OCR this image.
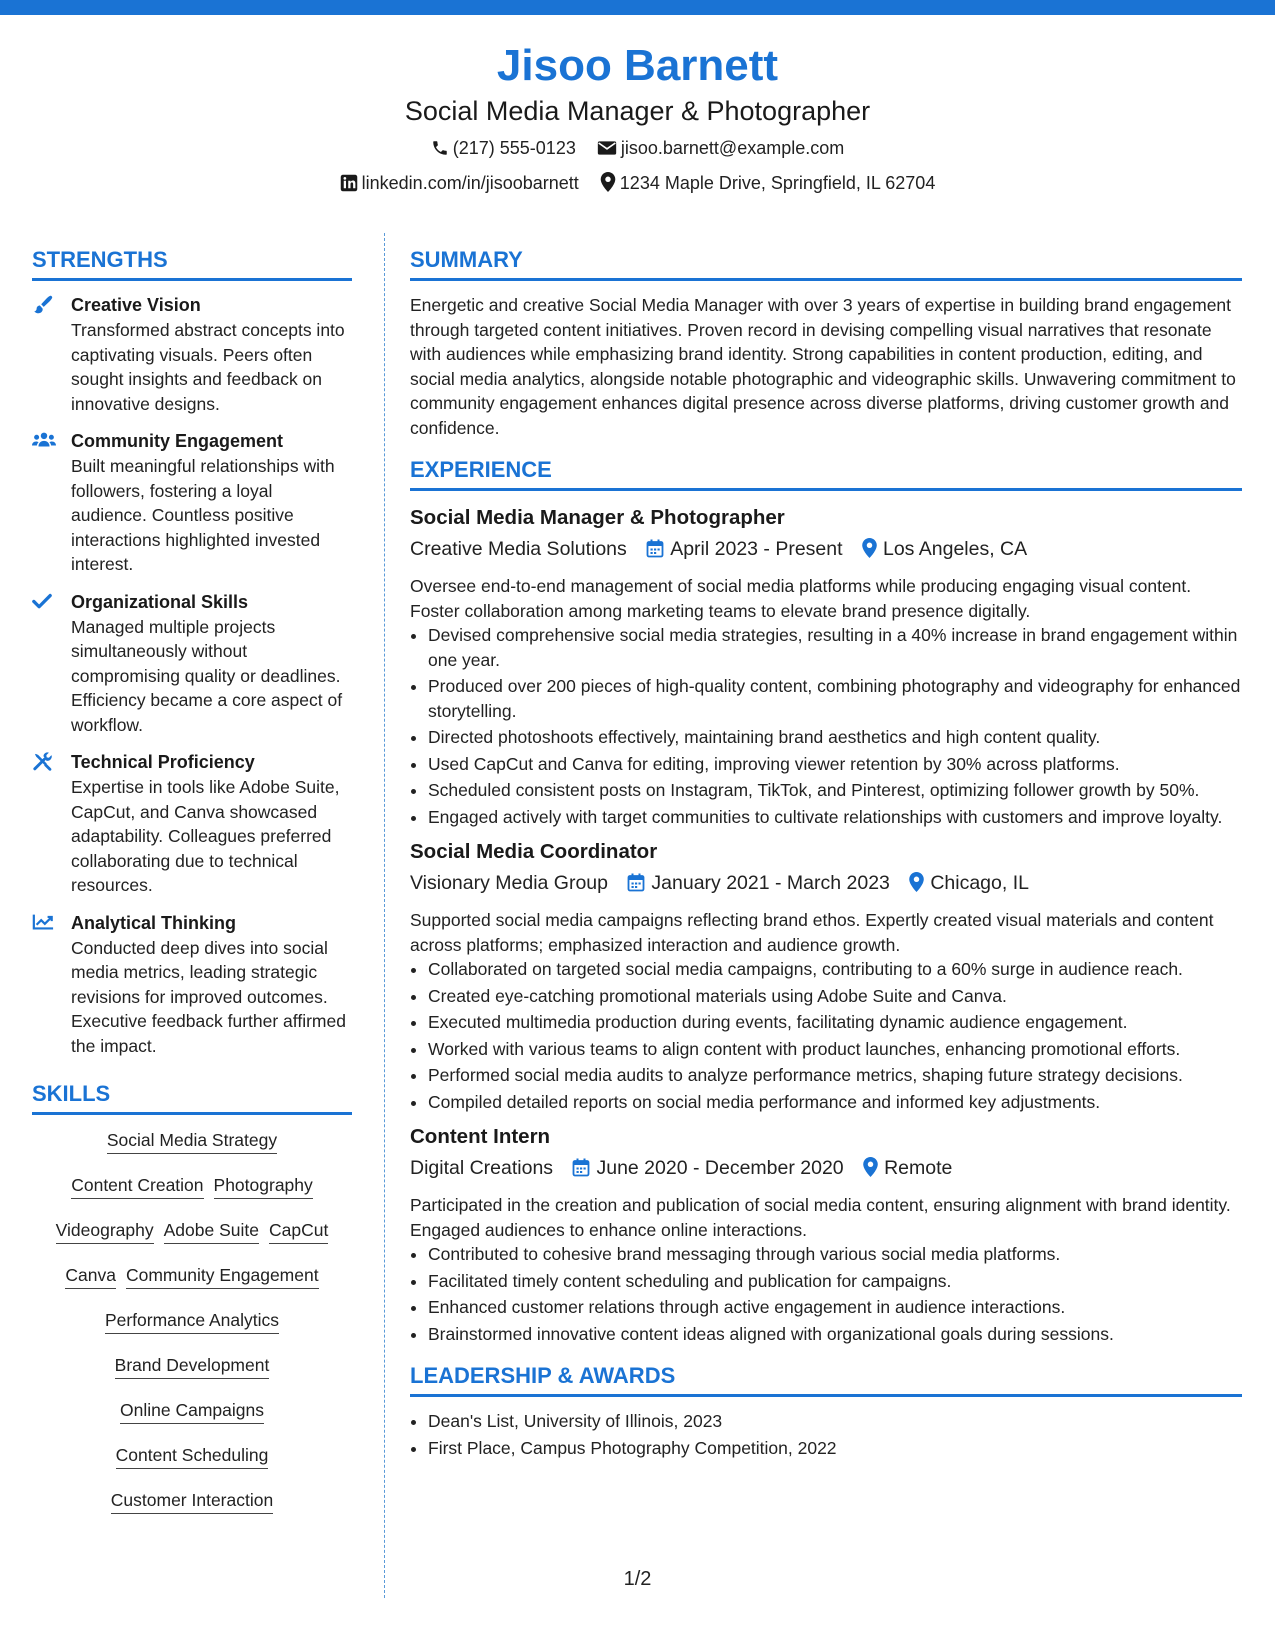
Jisoo Barnett
Social Media Manager & Photographer
(217) 555-0123	jisoo.barnett@example.com
linkedin.com/in/jisoobarnett 1234 Maple Drive, Springfield, IL 62704
STRENGTHS
Creative Vision
Transformed abstract concepts into captivating visuals. Peers often sought insights and feedback on innovative designs.
Community Engagement
Built meaningful relationships with followers, fostering a loyal audience. Countless positive interactions highlighted invested interest.
Organizational Skills
Managed multiple projects simultaneously without compromising quality or deadlines. Efficiency became a core aspect of workflow.
Technical Proficiency
Expertise in tools like Adobe Suite, CapCut, and Canva showcased adaptability. Colleagues preferred collaborating due to technical resources.
Analytical Thinking
Conducted deep dives into social media metrics, leading strategic revisions for improved outcomes. Executive feedback further affirmed the impact.
SKILLS
Social Media Strategy
Content Creation Photography
Videography Adobe Suite CapCut
Canva Community Engagement
Performance Analytics
Brand Development
Online Campaigns
Content Scheduling
Customer Interaction
SUMMARY
Energetic and creative Social Media Manager with over 3 years of expertise in building brand engagement through targeted content initiatives. Proven record in devising compelling visual narratives that resonate with audiences while emphasizing brand identity. Strong capabilities in content production, editing, and social media analytics, alongside notable photographic and videographic skills. Unwavering commitment to community engagement enhances digital presence across diverse platforms, driving customer growth and confidence.
EXPERIENCE
Social Media Manager & Photographer
Creative Media Solutions April 2023 - Present Los Angeles, CA
Oversee end-to-end management of social media platforms while producing engaging visual content. Foster collaboration among marketing teams to elevate brand presence digitally.
• Devised comprehensive social media strategies, resulting in a 40% increase in brand engagement within one year.
• Produced over 200 pieces of high-quality content, combining photography and videography for enhanced storytelling.
• Directed photoshoots effectively, maintaining brand aesthetics and high content quality.
• Used CapCut and Canva for editing, improving viewer retention by 30% across platforms.
• Scheduled consistent posts on Instagram, TikTok, and Pinterest, optimizing follower growth by 50%.
• Engaged actively with target communities to cultivate relationships with customers and improve loyalty.
Social Media Coordinator
Visionary Media Group January 2021 - March 2023 Chicago, IL
Supported social media campaigns reflecting brand ethos. Expertly created visual materials and content across platforms; emphasized interaction and audience growth.
• Collaborated on targeted social media campaigns, contributing to a 60% surge in audience reach.
• Created eye-catching promotional materials using Adobe Suite and Canva.
• Executed multimedia production during events, facilitating dynamic audience engagement.
• Worked with various teams to align content with product launches, enhancing promotional efforts.
• Performed social media audits to analyze performance metrics, shaping future strategy decisions.
• Compiled detailed reports on social media performance and informed key adjustments.
Content Intern
Digital Creations June 2020 - December 2020 Remote
Participated in the creation and publication of social media content, ensuring alignment with brand identity. Engaged audiences to enhance online interactions.
• Contributed to cohesive brand messaging through various social media platforms.
• Facilitated timely content scheduling and publication for campaigns.
• Enhanced customer relations through active engagement in audience interactions.
• Brainstormed innovative content ideas aligned with organizational goals during sessions.
LEADERSHIP & AWARDS
• Dean's List, University of Illinois, 2023
• First Place, Campus Photography Competition, 2022
1/2
